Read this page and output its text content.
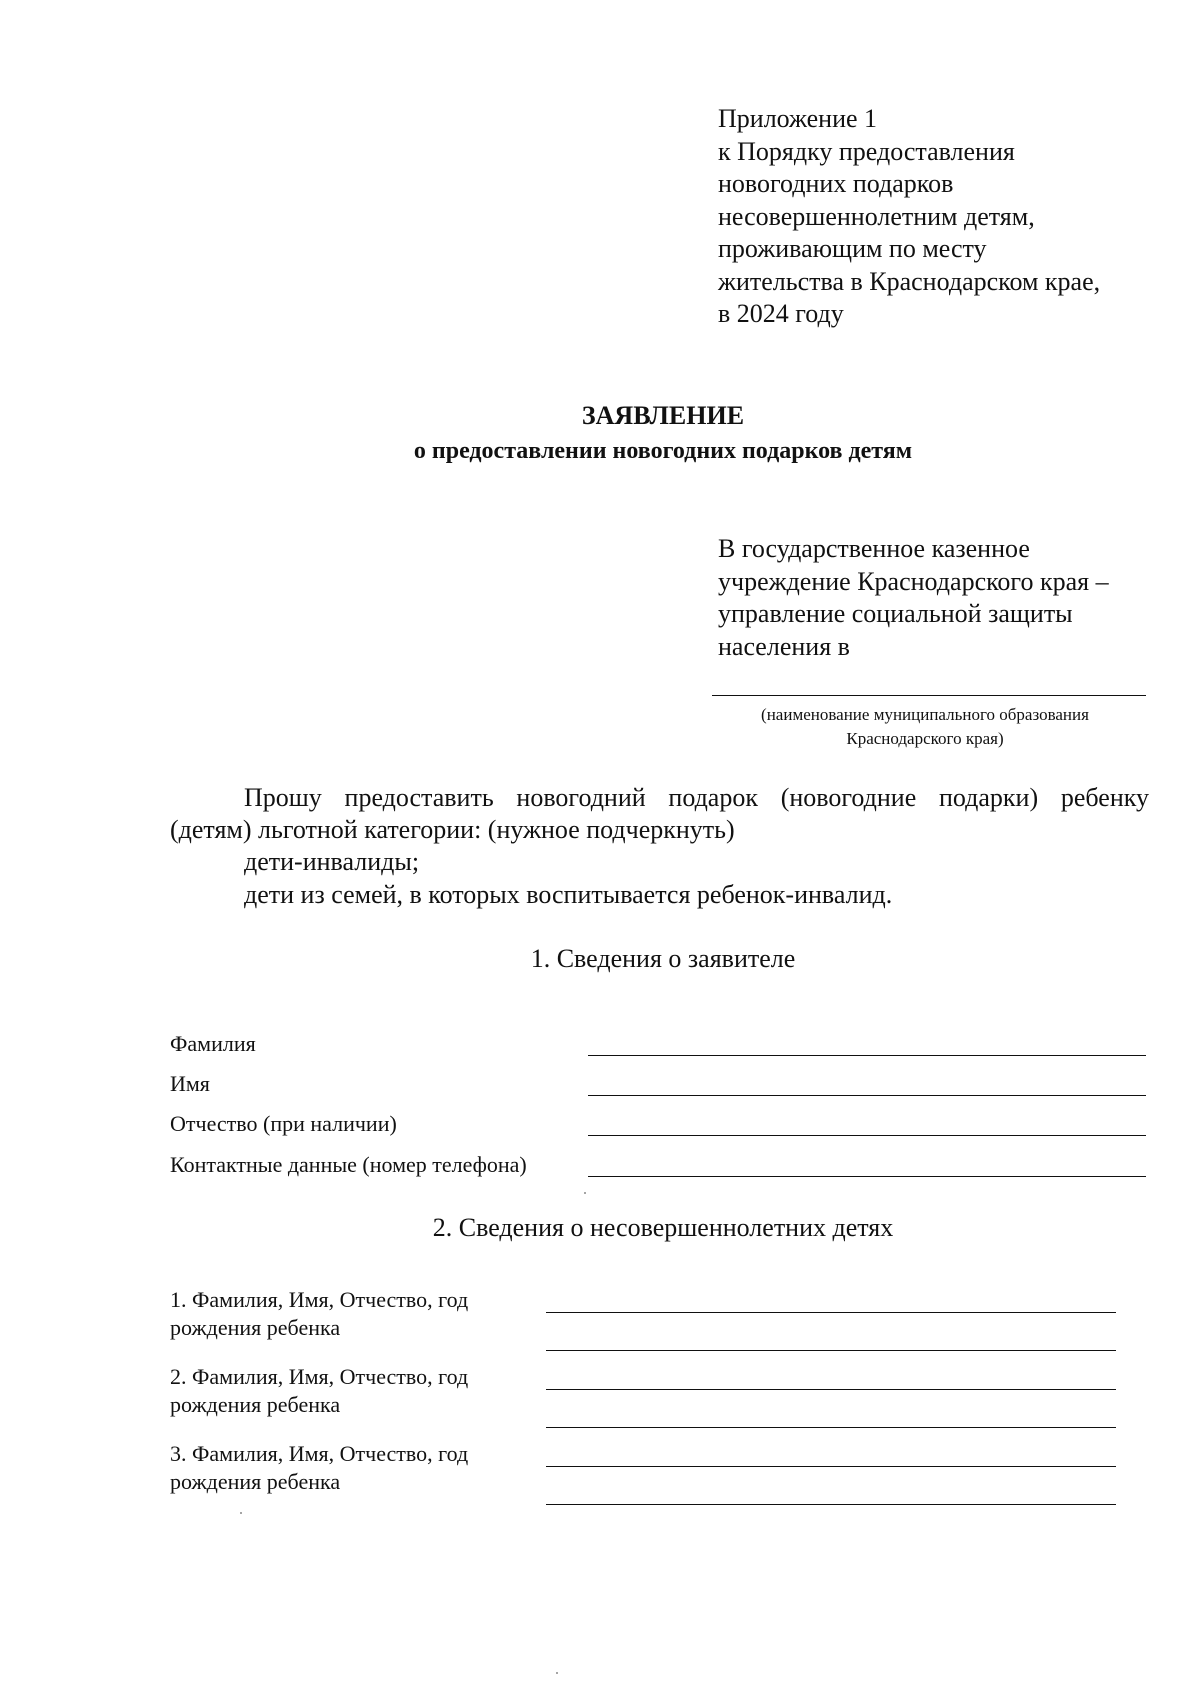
Приложение 1
к Порядку предоставления
новогодних подарков
несовершеннолетним детям,
проживающим по месту
жительства в Краснодарском крае,
в 2024 году
ЗАЯВЛЕНИЕ
о предоставлении новогодних подарков детям
В государственное казенное
учреждение Краснодарского края –
управление социальной защиты
населения в
(наименование муниципального образования
Краснодарского края)
Прошу предоставить новогодний подарок (новогодние подарки) ребенку
(детям) льготной категории: (нужное подчеркнуть)
дети-инвалиды;
дети из семей, в которых воспитывается ребенок-инвалид.
1. Сведения о заявителе
Фамилия
Имя
Отчество (при наличии)
Контактные данные (номер телефона)
2. Сведения о несовершеннолетних детях
1. Фамилия, Имя, Отчество, год
рождения ребенка
2. Фамилия, Имя, Отчество, год
рождения ребенка
3. Фамилия, Имя, Отчество, год
рождения ребенка
